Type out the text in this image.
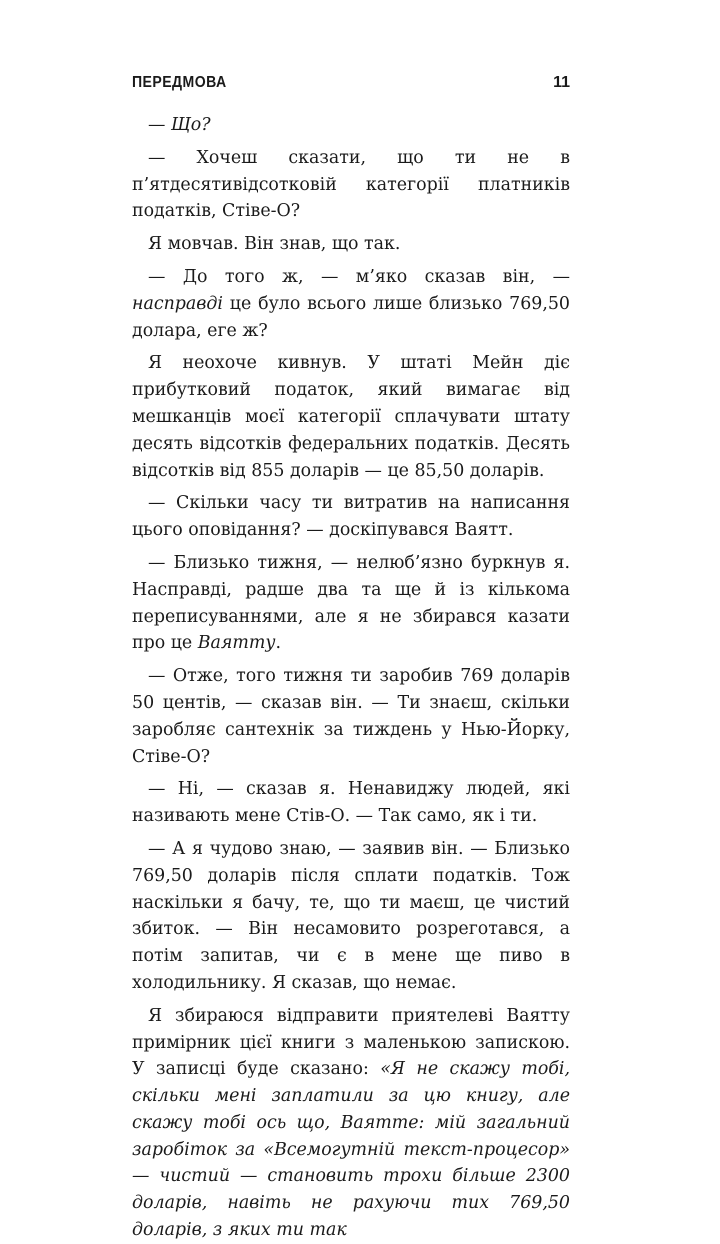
ПЕРЕДМОВА	11

— Що?

— Хочеш сказати, що ти не в п’ятдесятивідсотковій категорії платників податків, Стіве-О?

Я мовчав. Він знав, що так.

— До того ж, — м’яко сказав він, — насправді це було всього лише близько 769,50 долара, еге ж?

Я неохоче кивнув. У штаті Мейн діє прибутковий податок, який вимагає від мешканців моєї категорії сплачувати штату десять відсотків федеральних податків. Десять відсотків від 855 доларів — це 85,50 доларів.

— Скільки часу ти витратив на написання цього оповідання? — доскіпувався Ваятт.

— Близько тижня, — нелюб’язно буркнув я. Насправді, радше два та ще й із кількома переписуваннями, але я не збирався казати про це Ваятту.

— Отже, того тижня ти заробив 769 доларів 50 центів, — сказав він. — Ти знаєш, скільки заробляє сантехнік за тиждень у Нью-Йорку, Стіве-О?

— Ні, — сказав я. Ненавиджу людей, які називають мене Стів-О. — Так само, як і ти.

— А я чудово знаю, — заявив він. — Близько 769,50 доларів після сплати податків. Тож наскільки я бачу, те, що ти маєш, це чистий збиток. — Він несамовито розреготався, а потім запитав, чи є в мене ще пиво в холодильнику. Я сказав, що немає.

Я збираюся відправити приятелеві Ваятту примірник цієї книги з маленькою запискою. У записці буде сказано: «Я не скажу тобі, скільки мені заплатили за цю книгу, але скажу тобі ось що, Ваятте: мій загальний заробіток за «Всемогутній текст-процесор» — чистий — становить трохи більше 2300 доларів, навіть не рахуючи тих 769,50 доларів, з яких ти так
